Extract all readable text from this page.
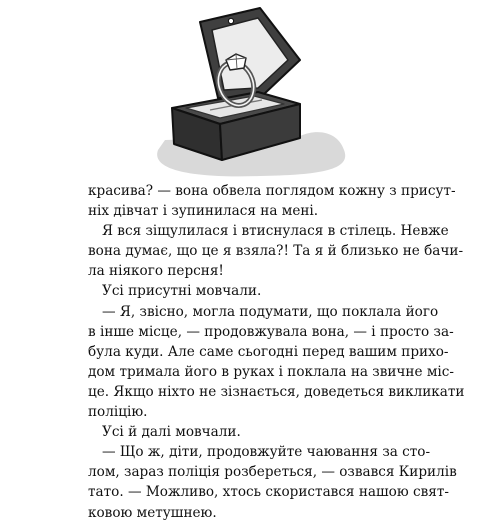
красива? — вона обвела поглядом кожну з присут-
ніх дівчат і зупинилася на мені.
Я вся зіщулилася і втиснулася в стілець. Невже
вона думає, що це я взяла?! Та я й близько не бачи-
ла ніякого персня!
Усі присутні мовчали.
— Я, звісно, могла подумати, що поклала його
в інше місце, — продовжувала вона, — і просто за-
була куди. Але саме сьогодні перед вашим прихо-
дом тримала його в руках і поклала на звичне міс-
це. Якщо ніхто не зізнається, доведеться викликати
поліцію.
Усі й далі мовчали.
— Що ж, діти, продовжуйте чаювання за сто-
лом, зараз поліція розбереться, — озвався Кирилів
тато. — Можливо, хтось скористався нашою свят-
ковою метушнею.
